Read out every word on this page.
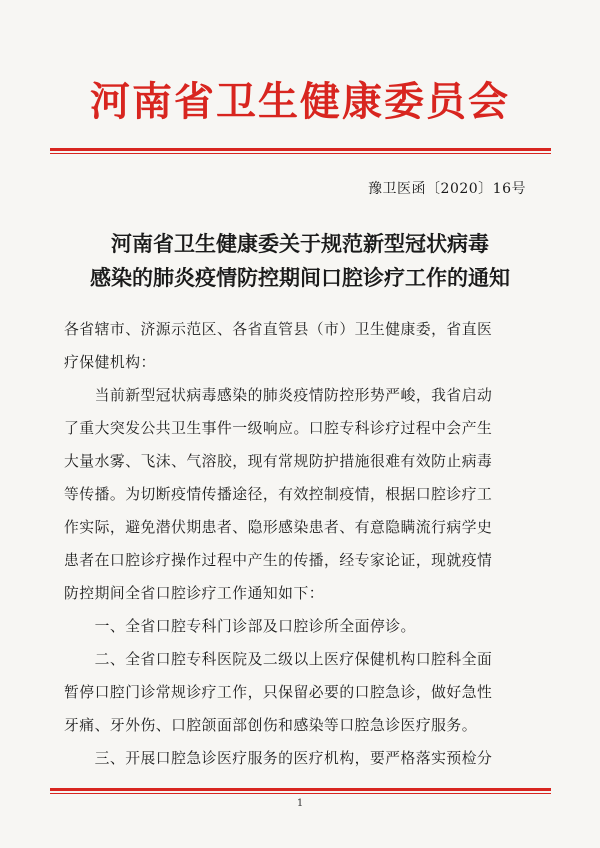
河南省卫生健康委员会
豫卫医函〔2020〕16号
河南省卫生健康委关于规范新型冠状病毒
感染的肺炎疫情防控期间口腔诊疗工作的通知
各省辖市、济源示范区、各省直管县（市）卫生健康委，省直医
疗保健机构：
　　当前新型冠状病毒感染的肺炎疫情防控形势严峻，我省启动
了重大突发公共卫生事件一级响应。口腔专科诊疗过程中会产生
大量水雾、飞沫、气溶胶，现有常规防护措施很难有效防止病毒
等传播。为切断疫情传播途径，有效控制疫情，根据口腔诊疗工
作实际，避免潜伏期患者、隐形感染患者、有意隐瞒流行病学史
患者在口腔诊疗操作过程中产生的传播，经专家论证，现就疫情
防控期间全省口腔诊疗工作通知如下：
　　一、全省口腔专科门诊部及口腔诊所全面停诊。
　　二、全省口腔专科医院及二级以上医疗保健机构口腔科全面
暂停口腔门诊常规诊疗工作，只保留必要的口腔急诊，做好急性
牙痛、牙外伤、口腔颌面部创伤和感染等口腔急诊医疗服务。
　　三、开展口腔急诊医疗服务的医疗机构，要严格落实预检分
1
